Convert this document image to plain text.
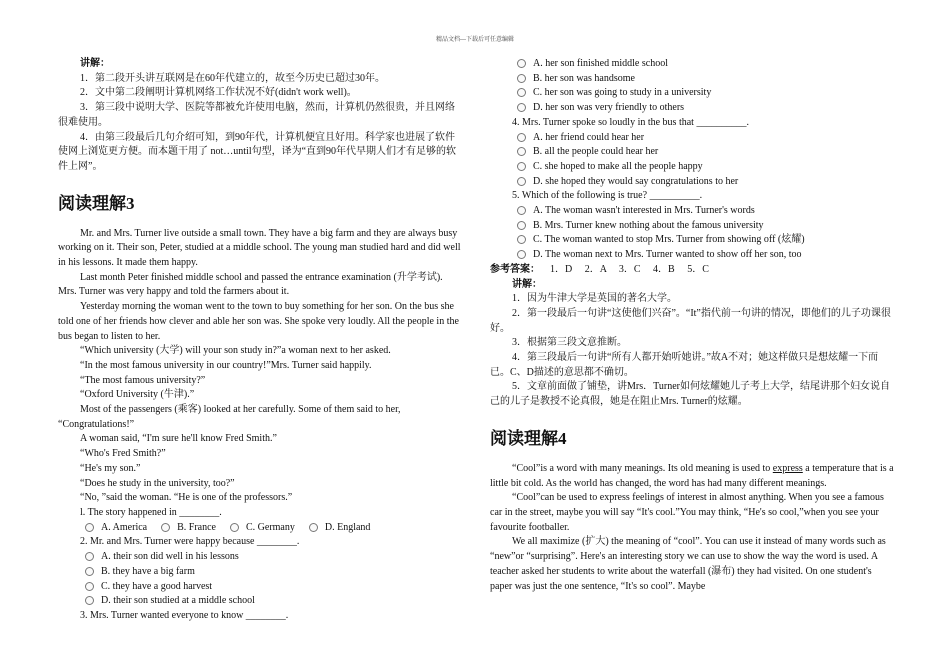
精品文档---下载后可任意编辑

讲解：

1．第二段开头讲互联网是在60年代建立的，故至今历史已超过30年。

2．文中第二段阐明计算机网络工作状况不好(didn't work well)。

3．第三段中说明大学、医院等都被允许使用电脑，然而，计算机仍然很贵，并且网络很难使用。

4．由第三段最后几句介绍可知，到90年代，计算机便宜且好用。科学家也进展了软件使网上浏览更方便。而本题干用了 not…until句型，译为“直到90年代早期人们才有足够的软件上网”。

阅读理解3

Mr. and Mrs. Turner live outside a small town. They have a big farm and they are always busy working on it. Their son, Peter, studied at a middle school. The young man studied hard and did well in his lessons. It made them happy.

Last month Peter finished middle school and passed the entrance examination (升学考试). Mrs. Turner was very happy and told the farmers about it.

Yesterday morning the woman went to the town to buy something for her son. On the bus she told one of her friends how clever and able her son was. She spoke very loudly. All the people in the bus began to listen to her.

“Which university (大学) will your son study in?”a woman next to her asked.

“In the most famous university in our country!”Mrs. Turner said happily.

“The most famous university?”

“Oxford University (牛津).”

Most of the passengers (乘客) looked at her carefully. Some of them said to her, “Congratulations!”

A woman said, “I'm sure he'll know Fred Smith.”

“Who's Fred Smith?”

“He's my son.”

“Does he study in the university, too?”

“No, ”said the woman. “He is one of the professors.”

l. The story happened in ________.

A. America	B. France	C. Germany	D. England

2. Mr. and Mrs. Turner were happy because ________.

A. their son did well in his lessons
B. they have a big farm
C. they have a good harvest
D. their son studied at a middle school

3. Mrs. Turner wanted everyone to know ________.

A. her son finished middle school
B. her son was handsome
C. her son was going to study in a university
D. her son was very friendly to others

4. Mrs. Turner spoke so loudly in the bus that __________.

A. her friend could hear her
B. all the people could hear her
C. she hoped to make all the people happy
D. she hoped they would say congratulations to her

5. Which of the following is true? __________.

A. The woman wasn't interested in Mrs. Turner's words
B. Mrs. Turner knew nothing about the famous university
C. The woman wanted to stop Mrs. Turner from showing off (炫耀)
D. The woman next to Mrs. Turner wanted to show off her son, too

参考答案：    1．D     2．A     3．C     4．B     5．C

讲解：

1．因为牛津大学是英国的著名大学。

2．第一段最后一句讲“这使他们兴奋”。“It”指代前一句讲的情况，即他们的儿子功课很好。

3．根据第三段文意推断。

4．第三段最后一句讲“所有人都开始听她讲。”故A不对；她这样做只是想炫耀一下而已。C、D描述的意思都不确切。

5．文章前面做了铺垫，讲Mrs．Turner如何炫耀她儿子考上大学，结尾讲那个妇女说自己的儿子是教授不论真假，她是在阻止Mrs. Turner的炫耀。

阅读理解4

“Cool”is a word with many meanings. Its old meaning is used to express a temperature that is a little bit cold. As the world has changed, the word has had many different meanings.

“Cool”can be used to express feelings of interest in almost anything. When you see a famous car in the street, maybe you will say “It's cool.”You may think, “He's so cool,”when you see your favourite footballer.

We all maximize (扩大) the meaning of “cool”. You can use it instead of many words such as “new”or “surprising”. Here's an interesting story we can use to show the way the word is used. A teacher asked her students to write about the waterfall (瀑布) they had visited. On one student's paper was just the one sentence, “It's so cool”. Maybe
